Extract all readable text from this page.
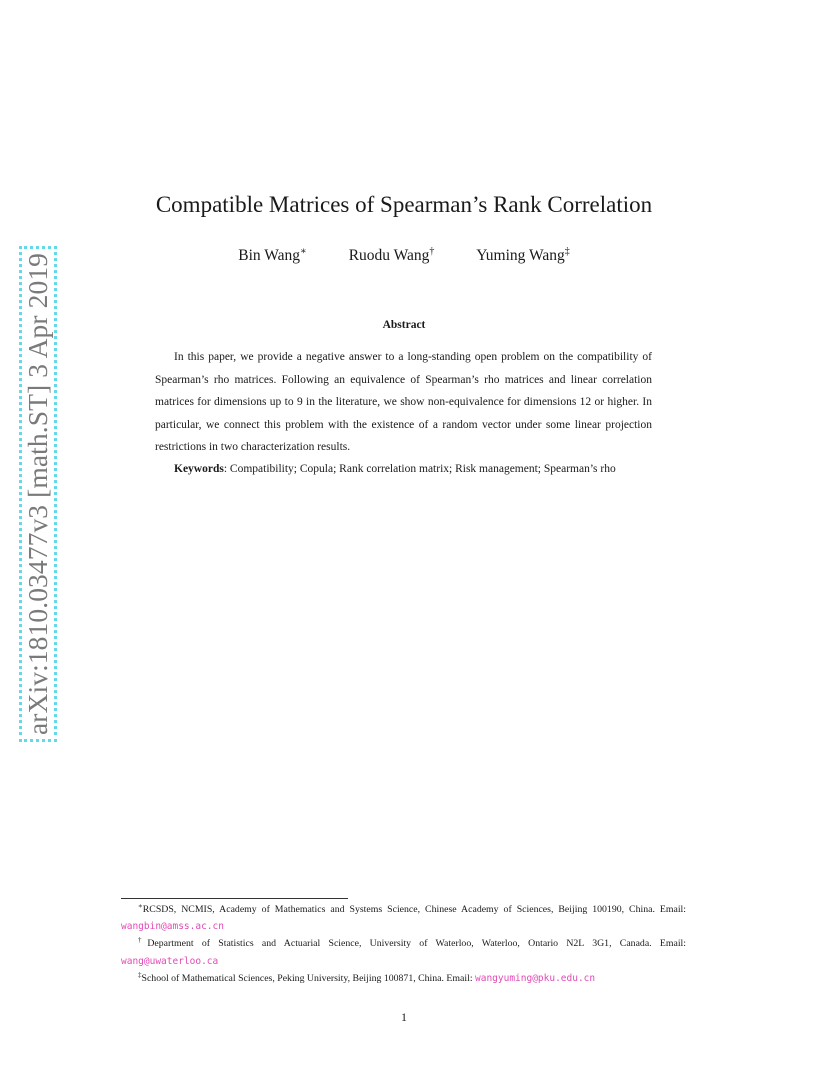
arXiv:1810.03477v3 [math.ST] 3 Apr 2019
Compatible Matrices of Spearman’s Rank Correlation
Bin Wang∗	Ruodu Wang†	Yuming Wang‡
Abstract

In this paper, we provide a negative answer to a long-standing open problem on the compatibility of Spearman’s rho matrices. Following an equivalence of Spearman’s rho matrices and linear correlation matrices for dimensions up to 9 in the literature, we show non-equivalence for dimensions 12 or higher. In particular, we connect this problem with the existence of a random vector under some linear projection restrictions in two characterization results.

Keywords: Compatibility; Copula; Rank correlation matrix; Risk management; Spearman’s rho

∗RCSDS, NCMIS, Academy of Mathematics and Systems Science, Chinese Academy of Sciences, Beijing 100190, China. Email: wangbin@amss.ac.cn

†Department of Statistics and Actuarial Science, University of Waterloo, Waterloo, Ontario N2L 3G1, Canada. Email: wang@uwaterloo.ca

‡School of Mathematical Sciences, Peking University, Beijing 100871, China. Email: wangyuming@pku.edu.cn

1
